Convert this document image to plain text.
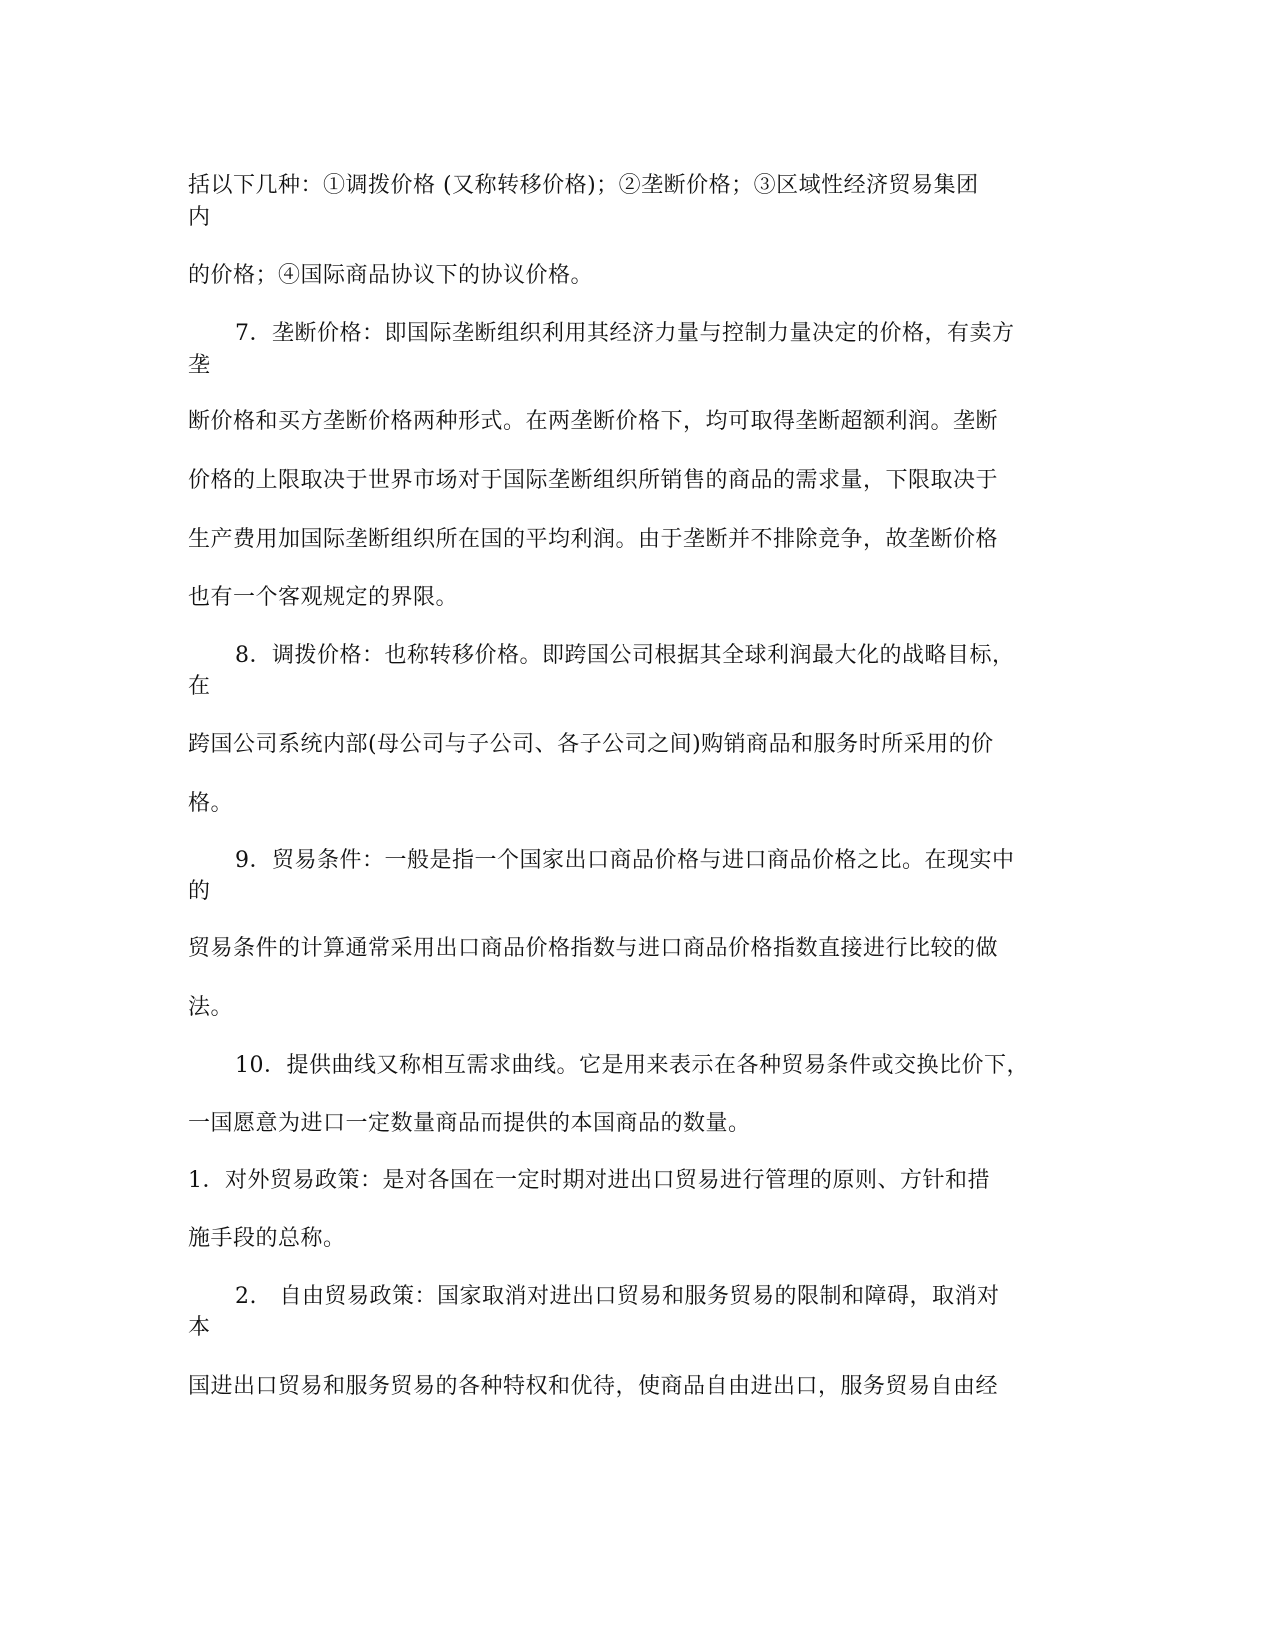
括以下几种：①调拨价格 (又称转移价格)；②垄断价格；③区域性经济贸易集团

内

的价格；④国际商品协议下的协议价格。

7．垄断价格：即国际垄断组织利用其经济力量与控制力量决定的价格，有卖方

垄

断价格和买方垄断价格两种形式。在两垄断价格下，均可取得垄断超额利润。垄断

价格的上限取决于世界市场对于国际垄断组织所销售的商品的需求量，下限取决于

生产费用加国际垄断组织所在国的平均利润。由于垄断并不排除竞争，故垄断价格

也有一个客观规定的界限。

8．调拨价格：也称转移价格。即跨国公司根据其全球利润最大化的战略目标，

在

跨国公司系统内部(母公司与子公司、各子公司之间)购销商品和服务时所采用的价

格。

9．贸易条件：一般是指一个国家出口商品价格与进口商品价格之比。在现实中

的

贸易条件的计算通常采用出口商品价格指数与进口商品价格指数直接进行比较的做

法。

10．提供曲线又称相互需求曲线。它是用来表示在各种贸易条件或交换比价下，

一国愿意为进口一定数量商品而提供的本国商品的数量。

1．对外贸易政策：是对各国在一定时期对进出口贸易进行管理的原则、方针和措

施手段的总称。

2.　自由贸易政策：国家取消对进出口贸易和服务贸易的限制和障碍，取消对

本

国进出口贸易和服务贸易的各种特权和优待，使商品自由进出口，服务贸易自由经
